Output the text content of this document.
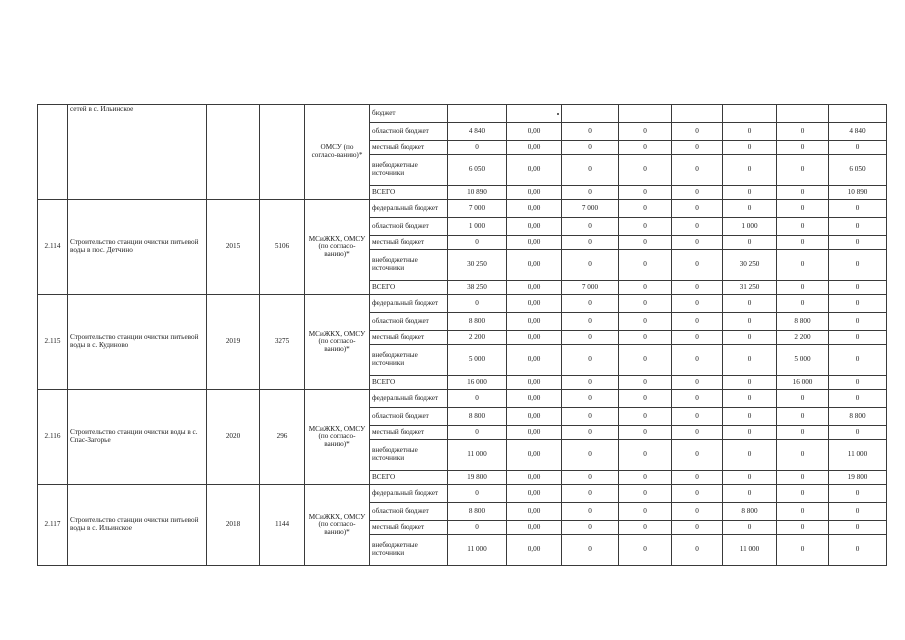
	сетей в с. Ильинское			ОМСУ (по согласо-ванию)*	бюджет								
					областной бюджет	4 840	0,00	0	0	0	0	0	4 840
					местный бюджет	0	0,00	0	0	0	0	0	0
					внебюджетные источники	6 050	0,00	0	0	0	0	0	6 050
					ВСЕГО	10 890	0,00	0	0	0	0	0	10 890
2.114	Строительство станции очистки питьевой воды в пос. Детчино	2015	5106	МСиЖКХ, ОМСУ (по согласо-ванию)*	федеральный бюджет	7 000	0,00	7 000	0	0	0	0	0
					областной бюджет	1 000	0,00	0	0	0	1 000	0	0
					местный бюджет	0	0,00	0	0	0	0	0	0
					внебюджетные источники	30 250	0,00	0	0	0	30 250	0	0
					ВСЕГО	38 250	0,00	7 000	0	0	31 250	0	0
2.115	Строительство станции очистки питьевой воды в с. Кудиново	2019	3275	МСиЖКХ, ОМСУ (по согласо-ванию)*	федеральный бюджет	0	0,00	0	0	0	0	0	0
					областной бюджет	8 800	0,00	0	0	0	0	8 800	0
					местный бюджет	2 200	0,00	0	0	0	0	2 200	0
					внебюджетные источники	5 000	0,00	0	0	0	0	5 000	0
					ВСЕГО	16 000	0,00	0	0	0	0	16 000	0
2.116	Строительство станции очистки воды в с. Спас-Загорье	2020	296	МСиЖКХ, ОМСУ (по согласо-ванию)*	федеральный бюджет	0	0,00	0	0	0	0	0	0
					областной бюджет	8 800	0,00	0	0	0	0	0	8 800
					местный бюджет	0	0,00	0	0	0	0	0	0
					внебюджетные источники	11 000	0,00	0	0	0	0	0	11 000
					ВСЕГО	19 800	0,00	0	0	0	0	0	19 800
2.117	Строительство станции очистки питьевой воды в с. Ильинское	2018	1144	МСиЖКХ, ОМСУ (по согласо-ванию)*	федеральный бюджет	0	0,00	0	0	0	0	0	0
					областной бюджет	8 800	0,00	0	0	0	8 800	0	0
					местный бюджет	0	0,00	0	0	0	0	0	0
					внебюджетные источники	11 000	0,00	0	0	0	11 000	0	0
